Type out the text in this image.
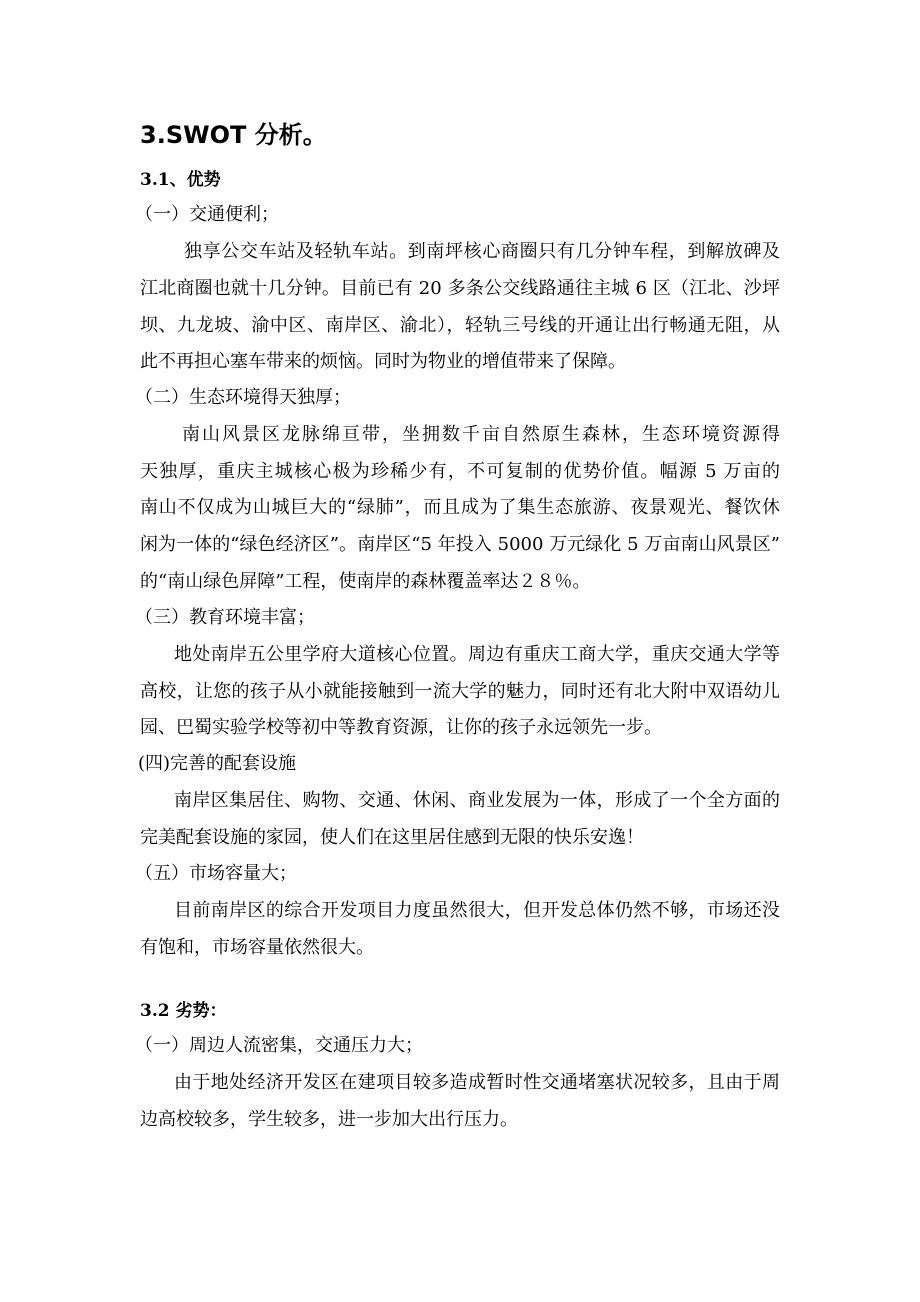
3.SWOT 分析。
3.1、优势
（一）交通便利；
独享公交车站及轻轨车站。到南坪核心商圈只有几分钟车程，到解放碑及
江北商圈也就十几分钟。目前已有 20 多条公交线路通往主城 6 区（江北、沙坪
坝、九龙坡、渝中区、南岸区、渝北），轻轨三号线的开通让出行畅通无阻，从
此不再担心塞车带来的烦恼。同时为物业的增值带来了保障。
（二）生态环境得天独厚；
南山风景区龙脉绵亘带，坐拥数千亩自然原生森林，生态环境资源得
天独厚，重庆主城核心极为珍稀少有，不可复制的优势价值。幅源 5 万亩的
南山不仅成为山城巨大的“绿肺”，而且成为了集生态旅游、夜景观光、餐饮休
闲为一体的“绿色经济区”。南岸区“5 年投入 5000 万元绿化 5 万亩南山风景区”
的“南山绿色屏障”工程，使南岸的森林覆盖率达２８％。
（三）教育环境丰富；
地处南岸五公里学府大道核心位置。周边有重庆工商大学，重庆交通大学等
高校，让您的孩子从小就能接触到一流大学的魅力，同时还有北大附中双语幼儿
园、巴蜀实验学校等初中等教育资源，让你的孩子永远领先一步。
(四)完善的配套设施
南岸区集居住、购物、交通、休闲、商业发展为一体，形成了一个全方面的
完美配套设施的家园，使人们在这里居住感到无限的快乐安逸！
（五）市场容量大；
目前南岸区的综合开发项目力度虽然很大，但开发总体仍然不够，市场还没
有饱和，市场容量依然很大。
3.2 劣势：
（一）周边人流密集，交通压力大；
由于地处经济开发区在建项目较多造成暂时性交通堵塞状况较多，且由于周
边高校较多，学生较多，进一步加大出行压力。
